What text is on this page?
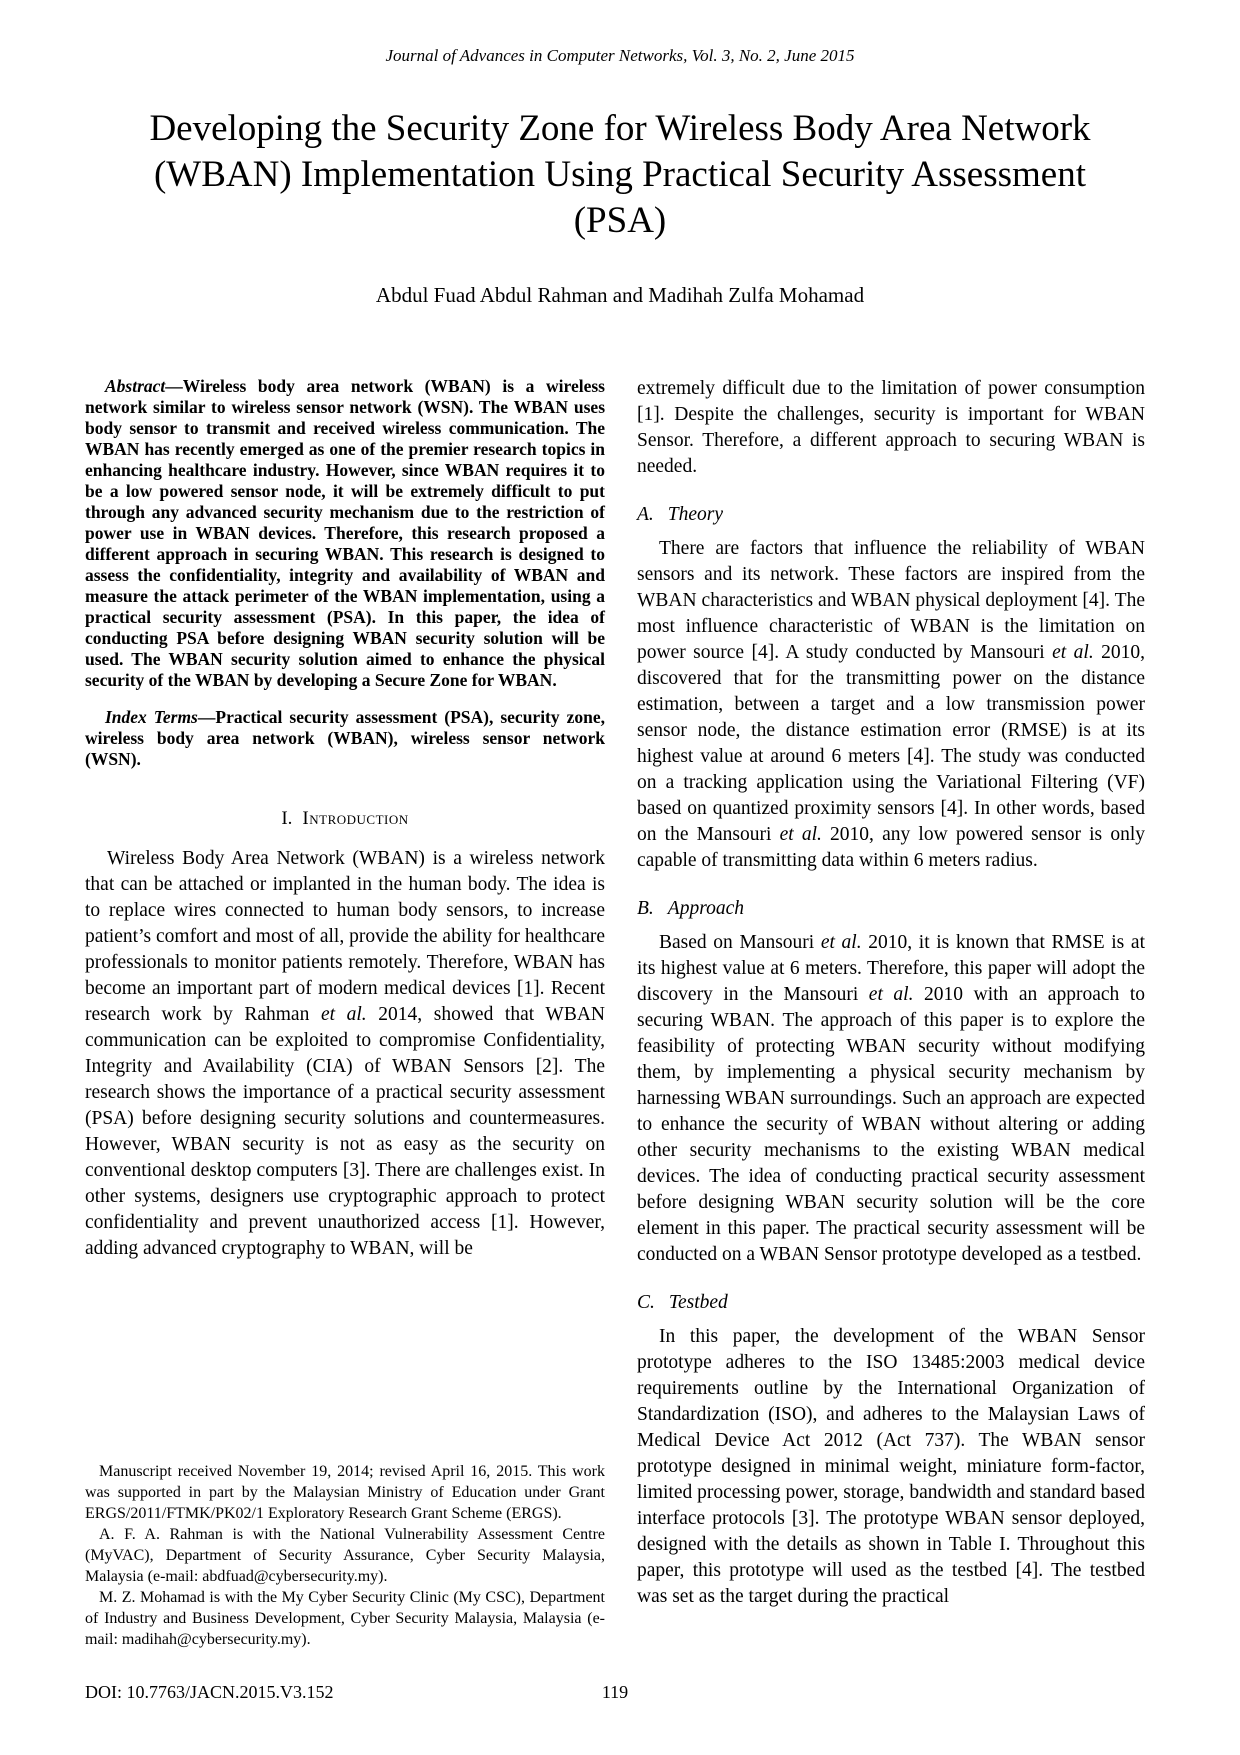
Journal of Advances in Computer Networks, Vol. 3, No. 2, June 2015
Developing the Security Zone for Wireless Body Area Network (WBAN) Implementation Using Practical Security Assessment (PSA)
Abdul Fuad Abdul Rahman and Madihah Zulfa Mohamad

Abstract—Wireless body area network (WBAN) is a wireless network similar to wireless sensor network (WSN). The WBAN uses body sensor to transmit and received wireless communication. The WBAN has recently emerged as one of the premier research topics in enhancing healthcare industry. However, since WBAN requires it to be a low powered sensor node, it will be extremely difficult to put through any advanced security mechanism due to the restriction of power use in WBAN devices. Therefore, this research proposed a different approach in securing WBAN. This research is designed to assess the confidentiality, integrity and availability of WBAN and measure the attack perimeter of the WBAN implementation, using a practical security assessment (PSA). In this paper, the idea of conducting PSA before designing WBAN security solution will be used. The WBAN security solution aimed to enhance the physical security of the WBAN by developing a Secure Zone for WBAN.

Index Terms—Practical security assessment (PSA), security zone, wireless body area network (WBAN), wireless sensor network (WSN).

I. Introduction

Wireless Body Area Network (WBAN) is a wireless network that can be attached or implanted in the human body. The idea is to replace wires connected to human body sensors, to increase patient’s comfort and most of all, provide the ability for healthcare professionals to monitor patients remotely. Therefore, WBAN has become an important part of modern medical devices [1]. Recent research work by Rahman et al. 2014, showed that WBAN communication can be exploited to compromise Confidentiality, Integrity and Availability (CIA) of WBAN Sensors [2]. The research shows the importance of a practical security assessment (PSA) before designing security solutions and countermeasures. However, WBAN security is not as easy as the security on conventional desktop computers [3]. There are challenges exist. In other systems, designers use cryptographic approach to protect confidentiality and prevent unauthorized access [1]. However, adding advanced cryptography to WBAN, will be

Manuscript received November 19, 2014; revised April 16, 2015. This work was supported in part by the Malaysian Ministry of Education under Grant ERGS/2011/FTMK/PK02/1 Exploratory Research Grant Scheme (ERGS).

A. F. A. Rahman is with the National Vulnerability Assessment Centre (MyVAC), Department of Security Assurance, Cyber Security Malaysia, Malaysia (e-mail: abdfuad@cybersecurity.my).

M. Z. Mohamad is with the My Cyber Security Clinic (My CSC), Department of Industry and Business Development, Cyber Security Malaysia, Malaysia (e-mail: madihah@cybersecurity.my).

extremely difficult due to the limitation of power consumption [1]. Despite the challenges, security is important for WBAN Sensor. Therefore, a different approach to securing WBAN is needed.

A. Theory

There are factors that influence the reliability of WBAN sensors and its network. These factors are inspired from the WBAN characteristics and WBAN physical deployment [4]. The most influence characteristic of WBAN is the limitation on power source [4]. A study conducted by Mansouri et al. 2010, discovered that for the transmitting power on the distance estimation, between a target and a low transmission power sensor node, the distance estimation error (RMSE) is at its highest value at around 6 meters [4]. The study was conducted on a tracking application using the Variational Filtering (VF) based on quantized proximity sensors [4]. In other words, based on the Mansouri et al. 2010, any low powered sensor is only capable of transmitting data within 6 meters radius.

B. Approach

Based on Mansouri et al. 2010, it is known that RMSE is at its highest value at 6 meters. Therefore, this paper will adopt the discovery in the Mansouri et al. 2010 with an approach to securing WBAN. The approach of this paper is to explore the feasibility of protecting WBAN security without modifying them, by implementing a physical security mechanism by harnessing WBAN surroundings. Such an approach are expected to enhance the security of WBAN without altering or adding other security mechanisms to the existing WBAN medical devices. The idea of conducting practical security assessment before designing WBAN security solution will be the core element in this paper. The practical security assessment will be conducted on a WBAN Sensor prototype developed as a testbed.

C. Testbed

In this paper, the development of the WBAN Sensor prototype adheres to the ISO 13485:2003 medical device requirements outline by the International Organization of Standardization (ISO), and adheres to the Malaysian Laws of Medical Device Act 2012 (Act 737). The WBAN sensor prototype designed in minimal weight, miniature form-factor, limited processing power, storage, bandwidth and standard based interface protocols [3]. The prototype WBAN sensor deployed, designed with the details as shown in Table I. Throughout this paper, this prototype will used as the testbed [4]. The testbed was set as the target during the practical

DOI: 10.7763/JACN.2015.V3.152	119
